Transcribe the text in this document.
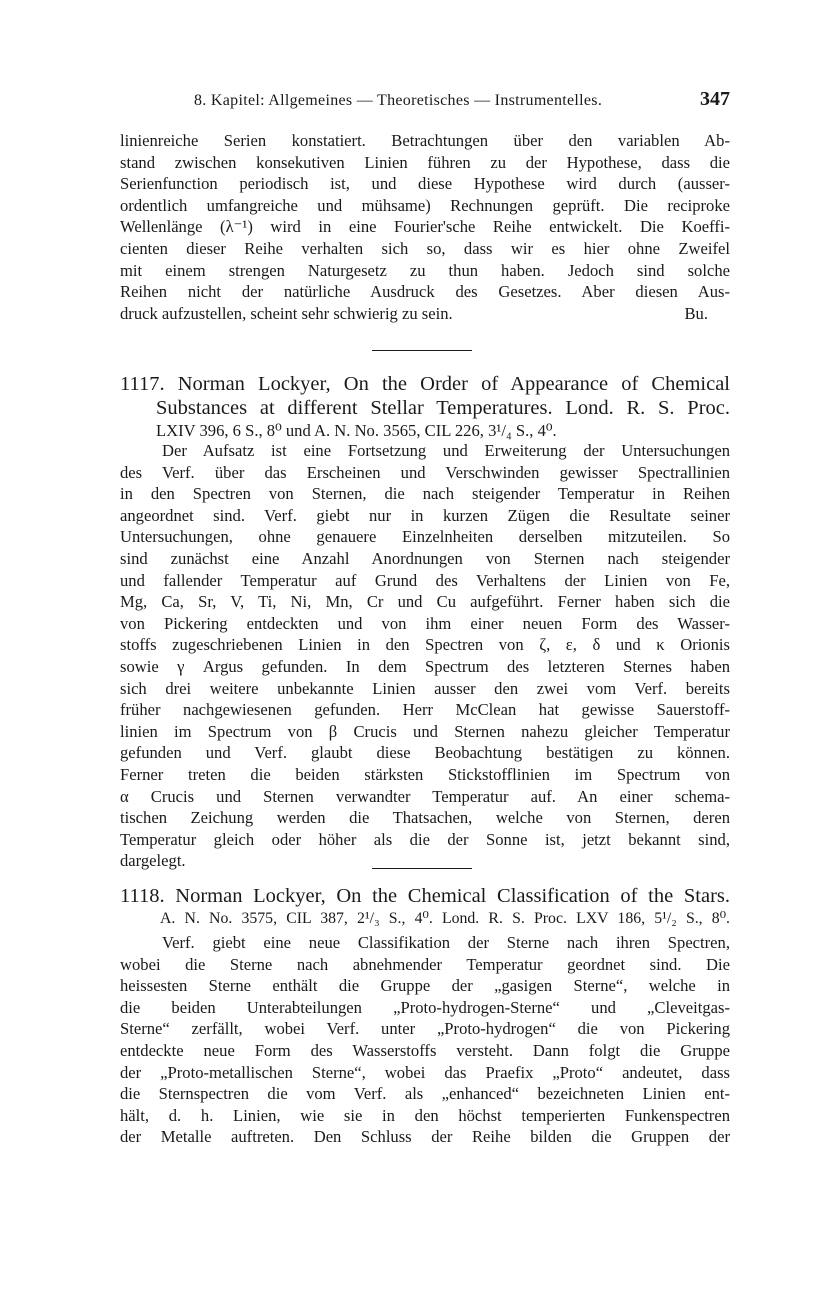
8. Kapitel: Allgemeines — Theoretisches — Instrumentelles.	347
linienreiche Serien konstatiert. Betrachtungen über den variablen Ab-
stand zwischen konsekutiven Linien führen zu der Hypothese, dass die
Serienfunction periodisch ist, und diese Hypothese wird durch (ausser-
ordentlich umfangreiche und mühsame) Rechnungen geprüft. Die reciproke
Wellenlänge (λ⁻¹) wird in eine Fourier'sche Reihe entwickelt. Die Koeffi-
cienten dieser Reihe verhalten sich so, dass wir es hier ohne Zweifel
mit einem strengen Naturgesetz zu thun haben. Jedoch sind solche
Reihen nicht der natürliche Ausdruck des Gesetzes. Aber diesen Aus-
druck aufzustellen, scheint sehr schwierig zu sein.	Bu.
1117. Norman Lockyer, On the Order of Appearance of Chemical
Substances at different Stellar Temperatures. Lond. R. S. Proc.
LXIV 396, 6 S., 8⁰ und A. N. No. 3565, CIL 226, 3¹/₄ S., 4⁰.
Der Aufsatz ist eine Fortsetzung und Erweiterung der Untersuchungen
des Verf. über das Erscheinen und Verschwinden gewisser Spectrallinien
in den Spectren von Sternen, die nach steigender Temperatur in Reihen
angeordnet sind. Verf. giebt nur in kurzen Zügen die Resultate seiner
Untersuchungen, ohne genauere Einzelnheiten derselben mitzuteilen. So
sind zunächst eine Anzahl Anordnungen von Sternen nach steigender
und fallender Temperatur auf Grund des Verhaltens der Linien von Fe,
Mg, Ca, Sr, V, Ti, Ni, Mn, Cr und Cu aufgeführt. Ferner haben sich die
von Pickering entdeckten und von ihm einer neuen Form des Wasser-
stoffs zugeschriebenen Linien in den Spectren von ζ, ε, δ und κ Orionis
sowie γ Argus gefunden. In dem Spectrum des letzteren Sternes haben
sich drei weitere unbekannte Linien ausser den zwei vom Verf. bereits
früher nachgewiesenen gefunden. Herr McClean hat gewisse Sauerstoff-
linien im Spectrum von β Crucis und Sternen nahezu gleicher Temperatur
gefunden und Verf. glaubt diese Beobachtung bestätigen zu können.
Ferner treten die beiden stärksten Stickstofflinien im Spectrum von
α Crucis und Sternen verwandter Temperatur auf. An einer schema-
tischen Zeichung werden die Thatsachen, welche von Sternen, deren
Temperatur gleich oder höher als die der Sonne ist, jetzt bekannt sind,
dargelegt.
1118. Norman Lockyer, On the Chemical Classification of the Stars.
A. N. No. 3575, CIL 387, 2¹/₃ S., 4⁰. Lond. R. S. Proc. LXV 186, 5¹/₂ S., 8⁰.
Verf. giebt eine neue Classifikation der Sterne nach ihren Spectren,
wobei die Sterne nach abnehmender Temperatur geordnet sind. Die
heissesten Sterne enthält die Gruppe der „gasigen Sterne“, welche in
die beiden Unterabteilungen „Proto-hydrogen-Sterne“ und „Cleveitgas-
Sterne“ zerfällt, wobei Verf. unter „Proto-hydrogen“ die von Pickering
entdeckte neue Form des Wasserstoffs versteht. Dann folgt die Gruppe
der „Proto-metallischen Sterne“, wobei das Praefix „Proto“ andeutet, dass
die Sternspectren die vom Verf. als „enhanced“ bezeichneten Linien ent-
hält, d. h. Linien, wie sie in den höchst temperierten Funkenspectren
der Metalle auftreten. Den Schluss der Reihe bilden die Gruppen der
